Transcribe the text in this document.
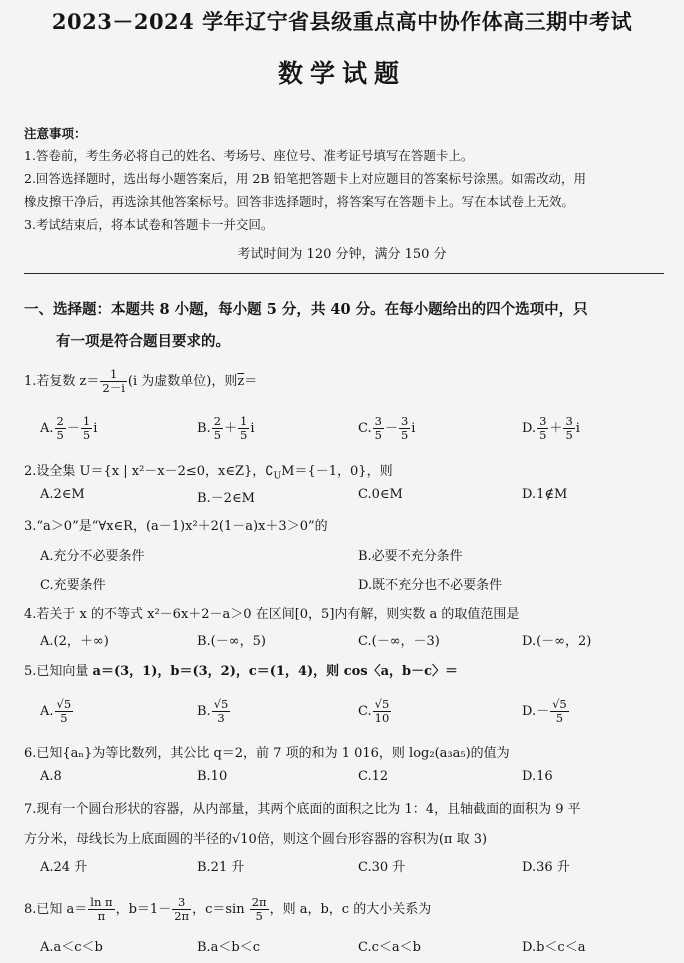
2023－2024 学年辽宁省县级重点高中协作体高三期中考试
数学试题
注意事项：
1.答卷前，考生务必将自己的姓名、考场号、座位号、准考证号填写在答题卡上。
2.回答选择题时，选出每小题答案后，用 2B 铅笔把答题卡上对应题目的答案标号涂黑。如需改动，用
橡皮擦干净后，再选涂其他答案标号。回答非选择题时，将答案写在答题卡上。写在本试卷上无效。
3.考试结束后，将本试卷和答题卡一并交回。
考试时间为 120 分钟，满分 150 分
一、选择题：本题共 8 小题，每小题 5 分，共 40 分。在每小题给出的四个选项中，只
有一项是符合题目要求的。
1.若复数 $z= \frac{1}{2-i} (i$ 为虚数单位)，则$\overline{z}=$
A. $\frac{2}{5} - \frac{1}{5}$ i	B. $\frac{2}{5} + \frac{1}{5}$ i	C. $\frac{3}{5} - \frac{3}{5}$ i	D. $\frac{3}{5} + \frac{3}{5}$ i
2.设全集 U＝{x | x²－x－2≤0，x∈Z}，$∁_UM=\{-1$，0}，则
A.2∈M	B.－2∈M	C.0∈M	D.1∉M
3.“a＞0”是“∀x∈R，(a－1)x²＋2(1－a)x＋3＞0”的
A.充分不必要条件	B.必要不充分条件
C.充要条件	D.既不充分也不必要条件
4.若关于 x 的不等式 x²－6x＋2－a＞0 在区间[0，5]内有解，则实数 a 的取值范围是
A.(2，＋∞)	B.(－∞，5)	C.(－∞，－3)	D.(－∞，2)
5.已知向量 a＝(3，1)，b＝(3，2)，c＝(1，4)，则 cos〈a，b－c〉＝
A. $\frac{√5}{5}$	B. $\frac{√5}{3}$	C. $\frac{√5}{10}$	$D.- \frac{√5}{5}$
6.已知{aₙ}为等比数列，其公比 q＝2，前 7 项的和为 1 016，则 log₂(a₃a₅)的值为
A.8	B.10	C.12	D.16
7.现有一个圆台形状的容器，从内部量，其两个底面的面积之比为 1：4，且轴截面的面积为 9 平
方分米，母线长为上底面圆的半径的√10倍，则这个圆台形容器的容积为(π 取 3)
A.24 升	B.21 升	C.30 升	D.36 升
8.已知 $a= \frac{\text{ln π}}{\pi}$ ，$b=1- \frac{3}{2\pi}$ ，$c=\sin \frac{2\pi}{5}$ ，则 a，b，c 的大小关系为
A.a＜c＜b	B.a＜b＜c	C.c＜a＜b	D.b＜c＜a
